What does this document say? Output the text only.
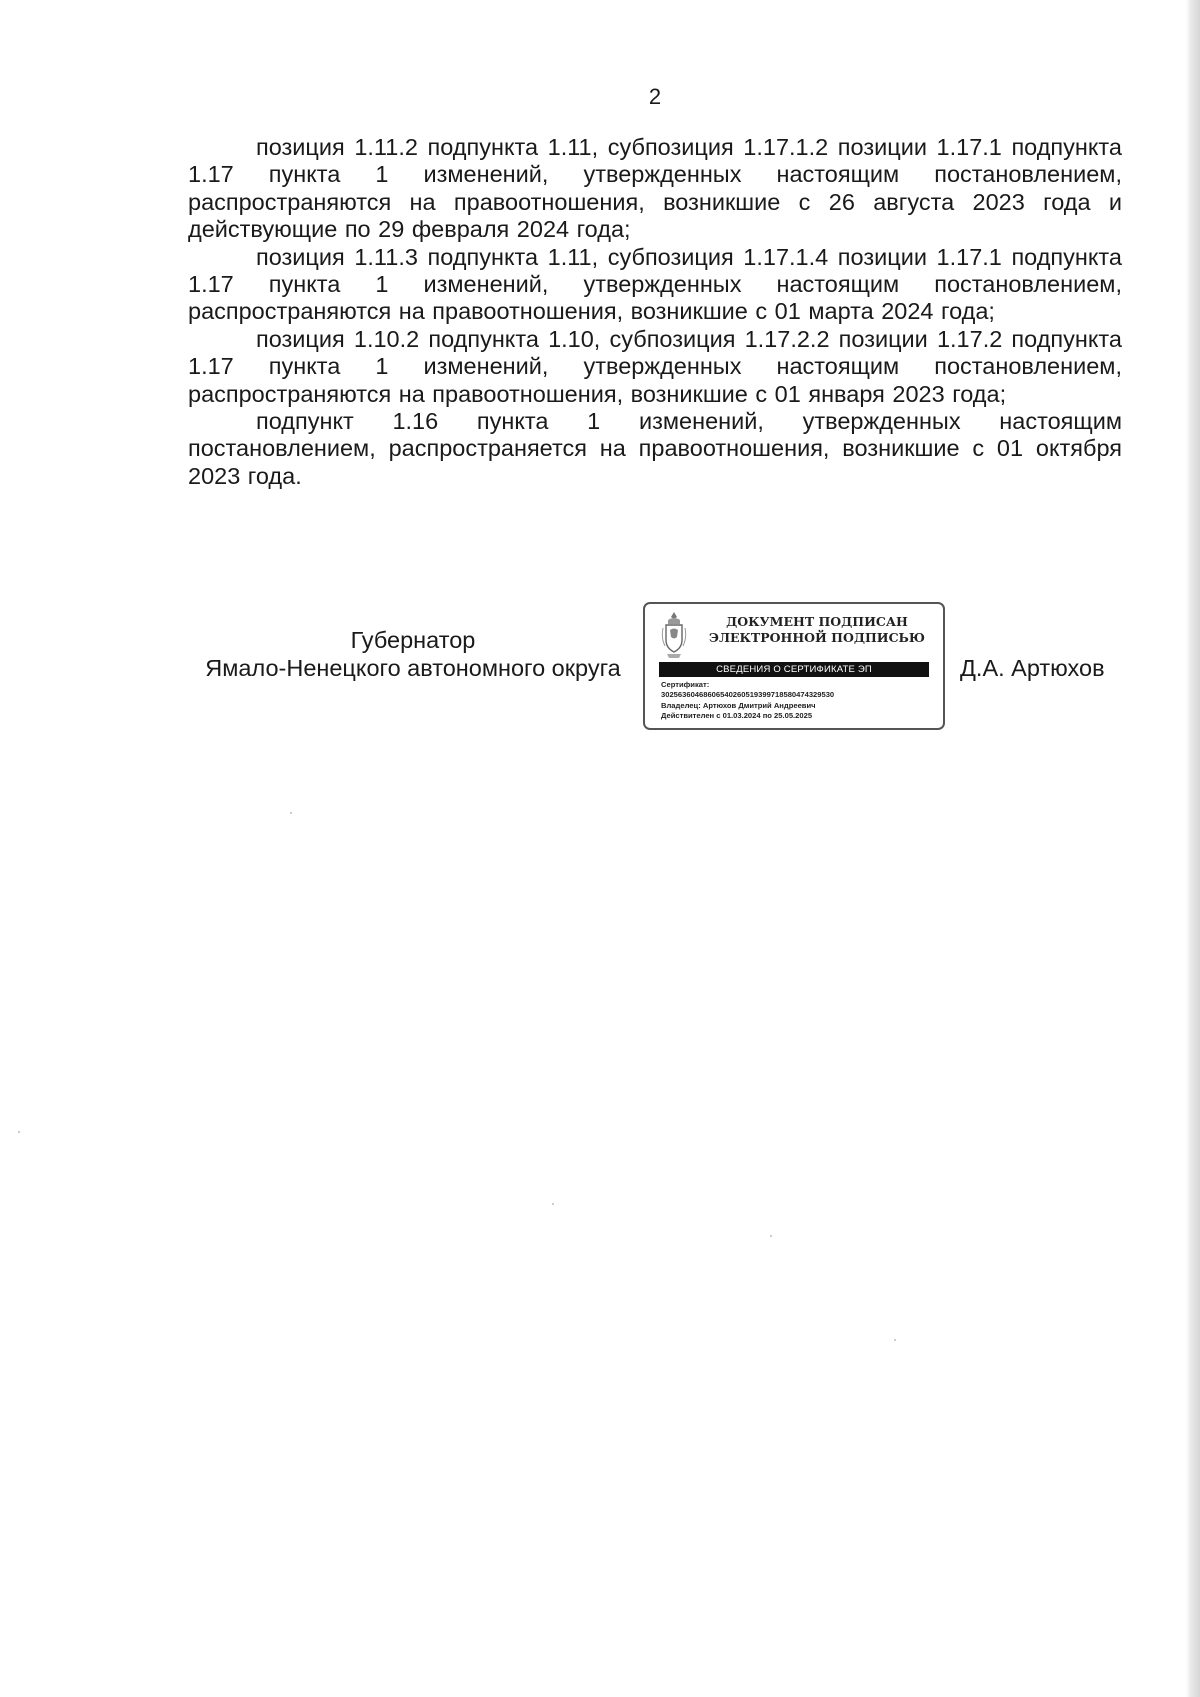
2

позиция 1.11.2 подпункта 1.11, субпозиция 1.17.1.2 позиции 1.17.1 подпункта 1.17 пункта 1 изменений, утвержденных настоящим постановлением, распространяются на правоотношения, возникшие с 26 августа 2023 года и действующие по 29 февраля 2024 года;

позиция 1.11.3 подпункта 1.11, субпозиция 1.17.1.4 позиции 1.17.1 подпункта 1.17 пункта 1 изменений, утвержденных настоящим постановлением, распространяются на правоотношения, возникшие с 01 марта 2024 года;

позиция 1.10.2 подпункта 1.10, субпозиция 1.17.2.2 позиции 1.17.2 подпункта 1.17 пункта 1 изменений, утвержденных настоящим постановлением, распространяются на правоотношения, возникшие с 01 января 2023 года;

подпункт 1.16 пункта 1 изменений, утвержденных настоящим постановлением, распространяется на правоотношения, возникшие с 01 октября 2023 года.

Губернатор
Ямало-Ненецкого автономного округа
ДОКУМЕНТ ПОДПИСАН
ЭЛЕКТРОННОЙ ПОДПИСЬЮ
СВЕДЕНИЯ О СЕРТИФИКАТЕ ЭП
Сертификат:
3025636046860654026051939971858047432953​0
Владелец: Артюхов Дмитрий Андреевич
Действителен с 01.03.2024 по 25.05.2025
Д.А. Артюхов
